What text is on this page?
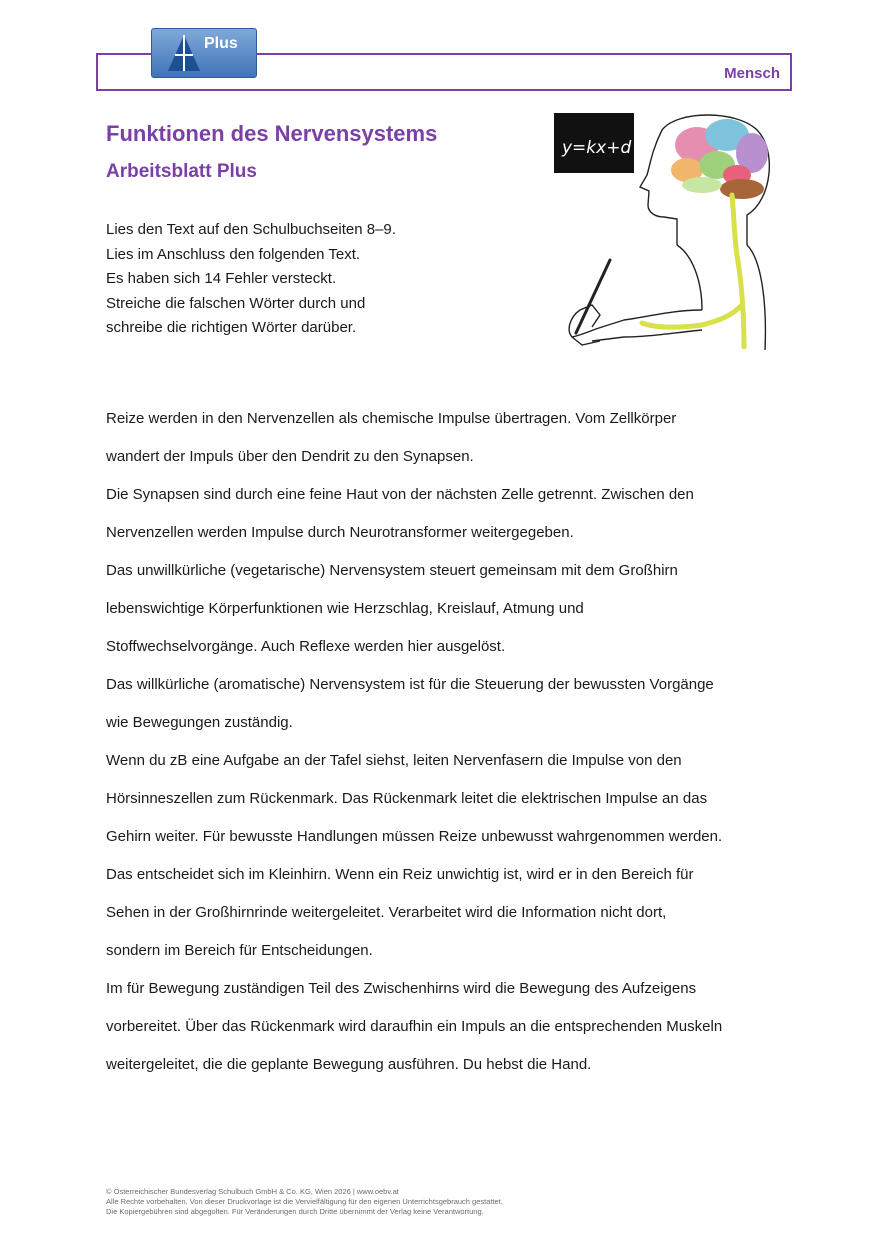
Mensch
Plus
Funktionen des Nervensystems
Arbeitsblatt Plus
Lies den Text auf den Schulbuchseiten 8–9.
Lies im Anschluss den folgenden Text.
Es haben sich 14 Fehler versteckt.
Streiche die falschen Wörter durch und
schreibe die richtigen Wörter darüber.
y=kx+d
Reize werden in den Nervenzellen als chemische Impulse übertragen. Vom Zellkörper
wandert der Impuls über den Dendrit zu den Synapsen.
Die Synapsen sind durch eine feine Haut von der nächsten Zelle getrennt. Zwischen den
Nervenzellen werden Impulse durch Neurotransformer weitergegeben.
Das unwillkürliche (vegetarische) Nervensystem steuert gemeinsam mit dem Großhirn
lebenswichtige Körperfunktionen wie Herzschlag, Kreislauf, Atmung und
Stoffwechselvorgänge. Auch Reflexe werden hier ausgelöst.
Das willkürliche (aromatische) Nervensystem ist für die Steuerung der bewussten Vorgänge
wie Bewegungen zuständig.
Wenn du zB eine Aufgabe an der Tafel siehst, leiten Nervenfasern die Impulse von den
Hörsinneszellen zum Rückenmark. Das Rückenmark leitet die elektrischen Impulse an das
Gehirn weiter. Für bewusste Handlungen müssen Reize unbewusst wahrgenommen werden.
Das entscheidet sich im Kleinhirn. Wenn ein Reiz unwichtig ist, wird er in den Bereich für
Sehen in der Großhirnrinde weitergeleitet. Verarbeitet wird die Information nicht dort,
sondern im Bereich für Entscheidungen.
Im für Bewegung zuständigen Teil des Zwischenhirns wird die Bewegung des Aufzeigens
vorbereitet. Über das Rückenmark wird daraufhin ein Impuls an die entsprechenden Muskeln
weitergeleitet, die die geplante Bewegung ausführen. Du hebst die Hand.
© Österreichischer Bundesverlag Schulbuch GmbH & Co. KG, Wien 2026 | www.oebv.at
Alle Rechte vorbehalten. Von dieser Druckvorlage ist die Vervielfältigung für den eigenen Unterrichtsgebrauch gestattet.
Die Kopiergebühren sind abgegolten. Für Veränderungen durch Dritte übernimmt der Verlag keine Verantwortung.
